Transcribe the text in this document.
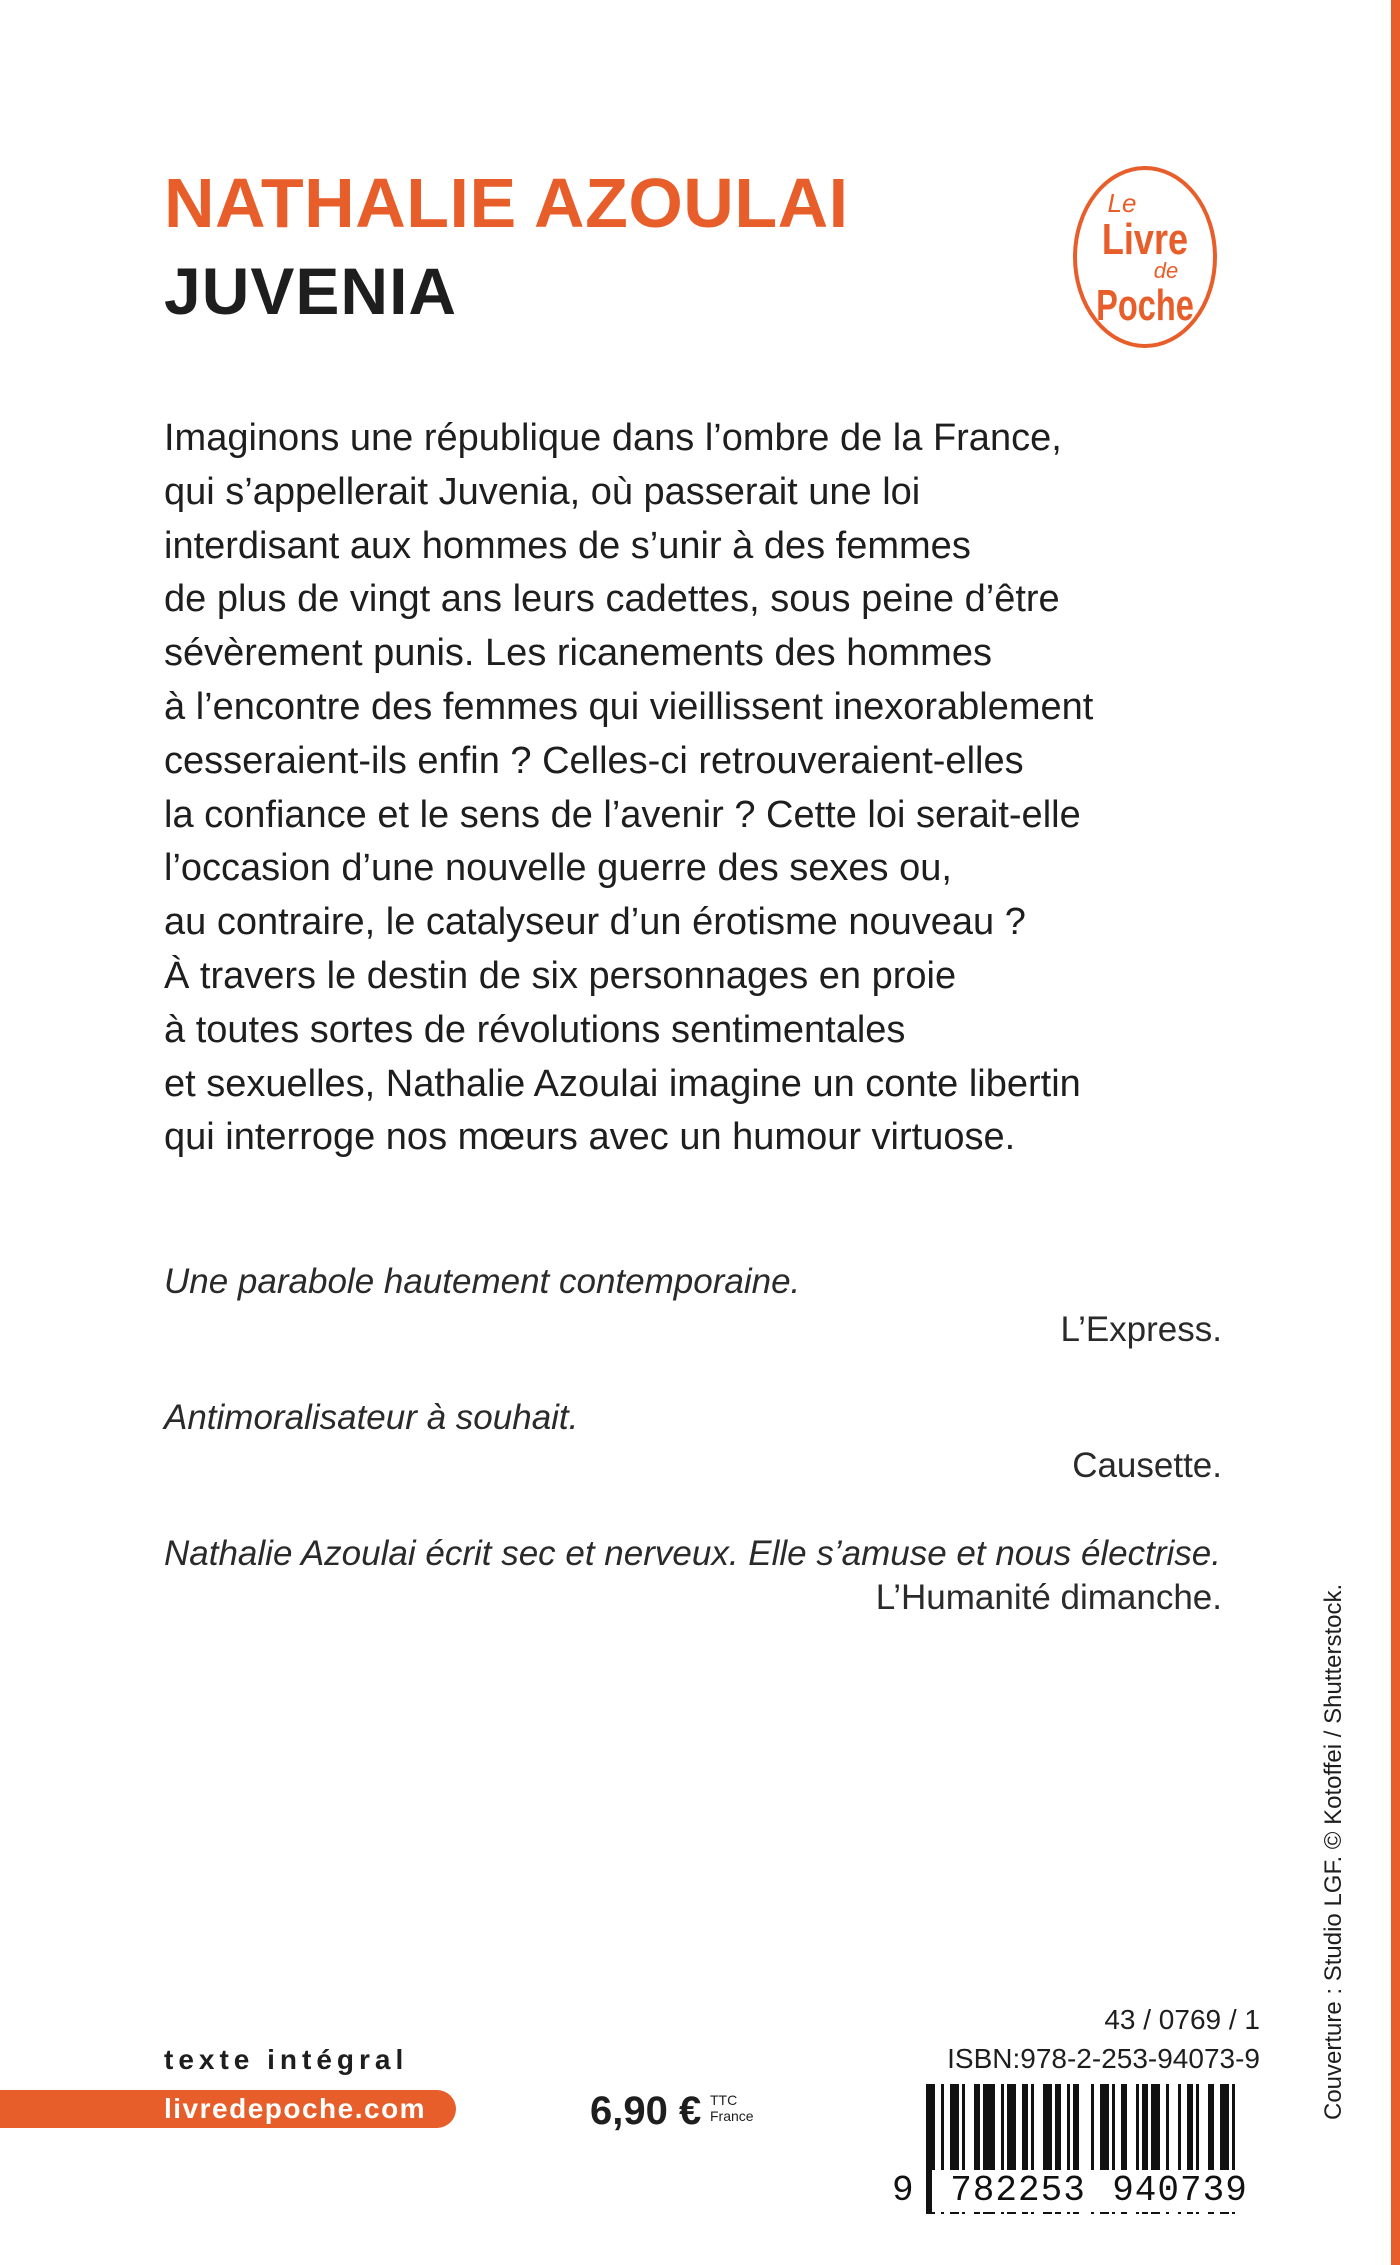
NATHALIE AZOULAI
JUVENIA
Le
Livre
de
Poche
Imaginons une république dans l’ombre de la France,
qui s’appellerait Juvenia, où passerait une loi
interdisant aux hommes de s’unir à des femmes
de plus de vingt ans leurs cadettes, sous peine d’être
sévèrement punis. Les ricanements des hommes
à l’encontre des femmes qui vieillissent inexorablement
cesseraient-ils enfin ? Celles-ci retrouveraient-elles
la confiance et le sens de l’avenir ? Cette loi serait-elle
l’occasion d’une nouvelle guerre des sexes ou,
au contraire, le catalyseur d’un érotisme nouveau ?
À travers le destin de six personnages en proie
à toutes sortes de révolutions sentimentales
et sexuelles, Nathalie Azoulai imagine un conte libertin
qui interroge nos mœurs avec un humour virtuose.
Une parabole hautement contemporaine.
L’Express.
Antimoralisateur à souhait.
Causette.
Nathalie Azoulai écrit sec et nerveux. Elle s’amuse et nous électrise.
L’Humanité dimanche.	Couverture : Studio LGF. © Kotoffei / Shutterstock.
texte intégral
livredepoche.com	6,90 € TTC
France
43 / 0769 / 1
ISBN:978-2-253-94073-9
9	782253 940739
